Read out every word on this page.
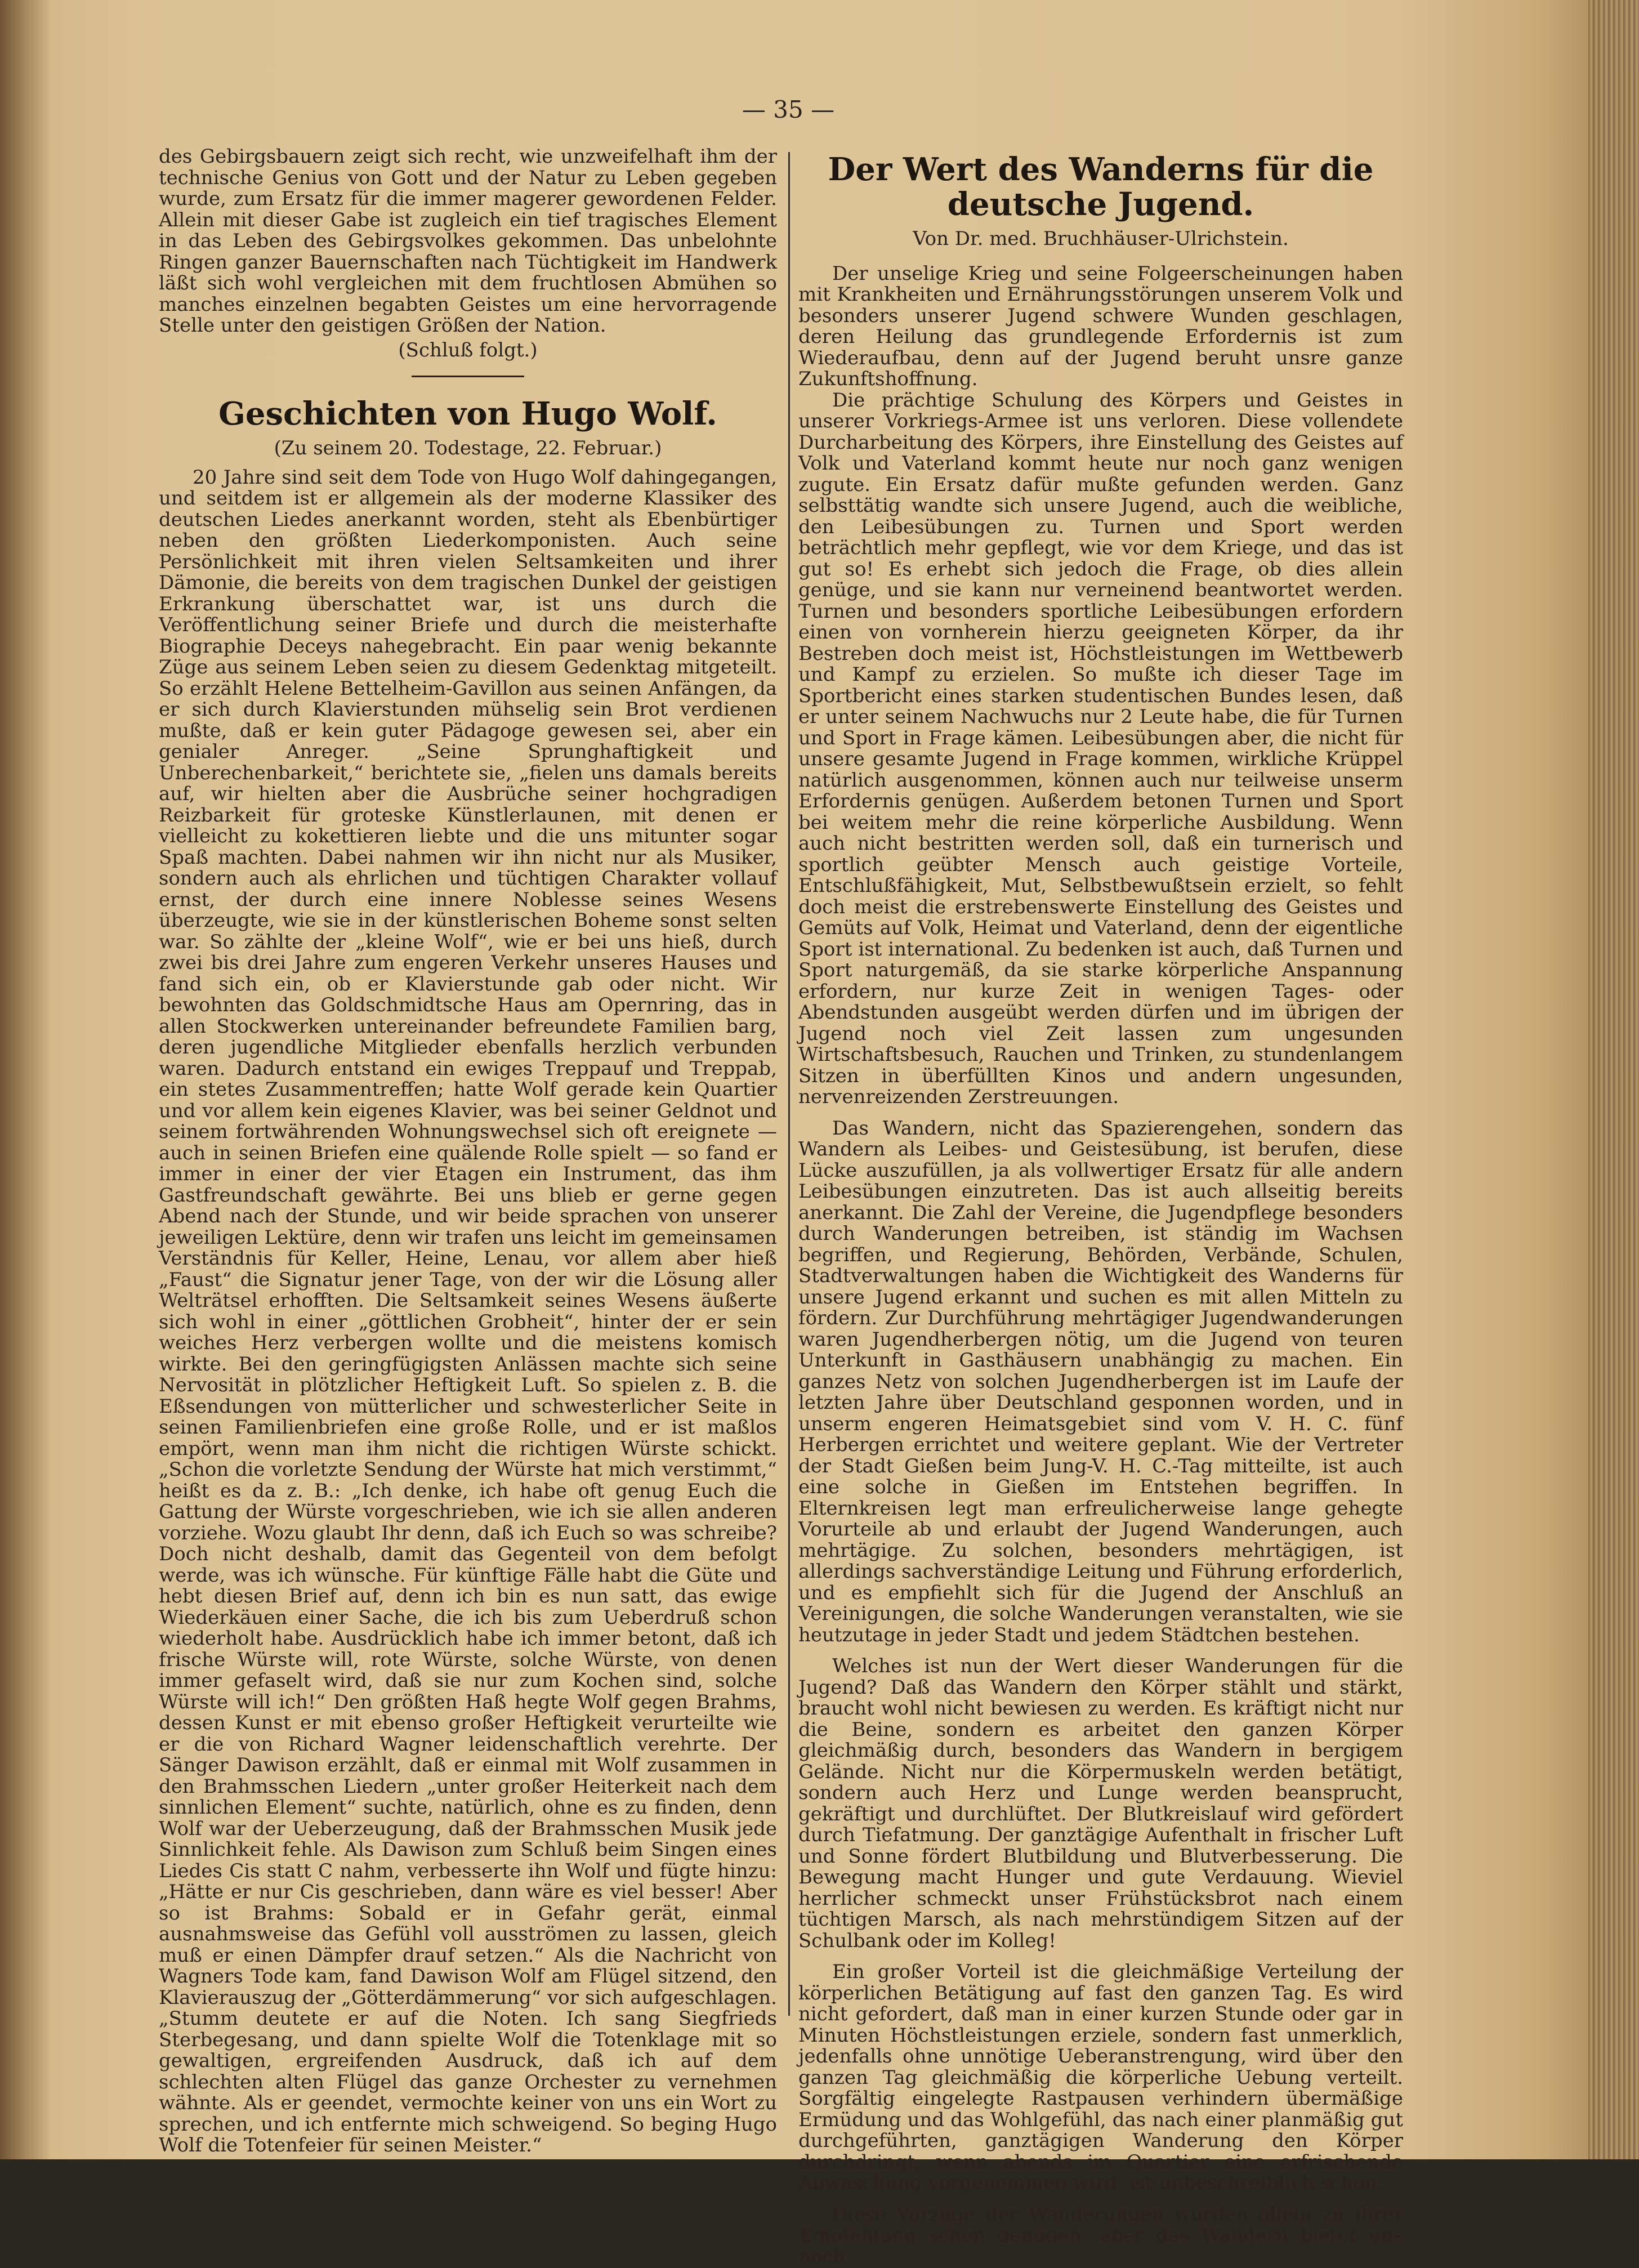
— 35 —

des Gebirgsbauern zeigt sich recht, wie unzweifelhaft ihm der technische Genius von Gott und der Natur zu Leben gegeben wurde, zum Ersatz für die immer magerer gewordenen Felder. Allein mit dieser Gabe ist zugleich ein tief tragisches Element in das Leben des Gebirgsvolkes gekommen. Das unbelohnte Ringen ganzer Bauernschaften nach Tüchtigkeit im Handwerk läßt sich wohl vergleichen mit dem fruchtlosen Abmühen so manches einzelnen begabten Geistes um eine hervorragende Stelle unter den geistigen Größen der Nation.

(Schluß folgt.)

Geschichten von Hugo Wolf.

(Zu seinem 20. Todestage, 22. Februar.)

20 Jahre sind seit dem Tode von Hugo Wolf dahingegangen, und seitdem ist er allgemein als der moderne Klassiker des deutschen Liedes anerkannt worden, steht als Ebenbürtiger neben den größten Liederkomponisten. Auch seine Persönlichkeit mit ihren vielen Seltsamkeiten und ihrer Dämonie, die bereits von dem tragischen Dunkel der geistigen Erkrankung überschattet war, ist uns durch die Veröffentlichung seiner Briefe und durch die meisterhafte Biographie Deceys nahegebracht. Ein paar wenig bekannte Züge aus seinem Leben seien zu diesem Gedenktag mitgeteilt. So erzählt Helene Bettelheim-Gavillon aus seinen Anfängen, da er sich durch Klavierstunden mühselig sein Brot verdienen mußte, daß er kein guter Pädagoge gewesen sei, aber ein genialer Anreger. „Seine Sprunghaftigkeit und Unberechenbarkeit,“ berichtete sie, „fielen uns damals bereits auf, wir hielten aber die Ausbrüche seiner hochgradigen Reizbarkeit für groteske Künstlerlaunen, mit denen er vielleicht zu kokettieren liebte und die uns mitunter sogar Spaß machten. Dabei nahmen wir ihn nicht nur als Musiker, sondern auch als ehrlichen und tüchtigen Charakter vollauf ernst, der durch eine innere Noblesse seines Wesens überzeugte, wie sie in der künstlerischen Boheme sonst selten war. So zählte der „kleine Wolf“, wie er bei uns hieß, durch zwei bis drei Jahre zum engeren Verkehr unseres Hauses und fand sich ein, ob er Klavierstunde gab oder nicht. Wir bewohnten das Goldschmidtsche Haus am Opernring, das in allen Stockwerken untereinander befreundete Familien barg, deren jugendliche Mitglieder ebenfalls herzlich verbunden waren. Dadurch entstand ein ewiges Treppauf und Treppab, ein stetes Zusammentreffen; hatte Wolf gerade kein Quartier und vor allem kein eigenes Klavier, was bei seiner Geldnot und seinem fortwährenden Wohnungswechsel sich oft ereignete — auch in seinen Briefen eine quälende Rolle spielt — so fand er immer in einer der vier Etagen ein Instrument, das ihm Gastfreundschaft gewährte. Bei uns blieb er gerne gegen Abend nach der Stunde, und wir beide sprachen von unserer jeweiligen Lektüre, denn wir trafen uns leicht im gemeinsamen Verständnis für Keller, Heine, Lenau, vor allem aber hieß „Faust“ die Signatur jener Tage, von der wir die Lösung aller Welträtsel erhofften. Die Seltsamkeit seines Wesens äußerte sich wohl in einer „göttlichen Grobheit“, hinter der er sein weiches Herz verbergen wollte und die meistens komisch wirkte. Bei den geringfügigsten Anlässen machte sich seine Nervosität in plötzlicher Heftigkeit Luft. So spielen z. B. die Eßsendungen von mütterlicher und schwesterlicher Seite in seinen Familienbriefen eine große Rolle, und er ist maßlos empört, wenn man ihm nicht die richtigen Würste schickt. „Schon die vorletzte Sendung der Würste hat mich verstimmt,“ heißt es da z. B.: „Ich denke, ich habe oft genug Euch die Gattung der Würste vorgeschrieben, wie ich sie allen anderen vorziehe. Wozu glaubt Ihr denn, daß ich Euch so was schreibe? Doch nicht deshalb, damit das Gegenteil von dem befolgt werde, was ich wünsche. Für künftige Fälle habt die Güte und hebt diesen Brief auf, denn ich bin es nun satt, das ewige Wiederkäuen einer Sache, die ich bis zum Ueberdruß schon wiederholt habe. Ausdrücklich habe ich immer betont, daß ich frische Würste will, rote Würste, solche Würste, von denen immer gefaselt wird, daß sie nur zum Kochen sind, solche Würste will ich!“ Den größten Haß hegte Wolf gegen Brahms, dessen Kunst er mit ebenso großer Heftigkeit verurteilte wie er die von Richard Wagner leidenschaftlich verehrte. Der Sänger Dawison erzählt, daß er einmal mit Wolf zusammen in den Brahmsschen Liedern „unter großer Heiterkeit nach dem sinnlichen Element“ suchte, natürlich, ohne es zu finden, denn Wolf war der Ueberzeugung, daß der Brahmsschen Musik jede Sinnlichkeit fehle. Als Dawison zum Schluß beim Singen eines Liedes Cis statt C nahm, verbesserte ihn Wolf und fügte hinzu: „Hätte er nur Cis geschrieben, dann wäre es viel besser! Aber so ist Brahms: Sobald er in Gefahr gerät, einmal ausnahmsweise das Gefühl voll ausströmen zu lassen, gleich muß er einen Dämpfer drauf setzen.“ Als die Nachricht von Wagners Tode kam, fand Dawison Wolf am Flügel sitzend, den Klavierauszug der „Götterdämmerung“ vor sich aufgeschlagen. „Stumm deutete er auf die Noten. Ich sang Siegfrieds Sterbegesang, und dann spielte Wolf die Totenklage mit so gewaltigen, ergreifenden Ausdruck, daß ich auf dem schlechten alten Flügel das ganze Orchester zu vernehmen wähnte. Als er geendet, vermochte keiner von uns ein Wort zu sprechen, und ich entfernte mich schweigend. So beging Hugo Wolf die Totenfeier für seinen Meister.“

Der Wert des Wanderns für die deutsche Jugend.

Von Dr. med. Bruchhäuser-Ulrichstein.

Der unselige Krieg und seine Folgeerscheinungen haben mit Krankheiten und Ernährungsstörungen unserem Volk und besonders unserer Jugend schwere Wunden geschlagen, deren Heilung das grundlegende Erfordernis ist zum Wiederaufbau, denn auf der Jugend beruht unsre ganze Zukunftshoffnung.

Die prächtige Schulung des Körpers und Geistes in unserer Vorkriegs-Armee ist uns verloren. Diese vollendete Durcharbeitung des Körpers, ihre Einstellung des Geistes auf Volk und Vaterland kommt heute nur noch ganz wenigen zugute. Ein Ersatz dafür mußte gefunden werden. Ganz selbsttätig wandte sich unsere Jugend, auch die weibliche, den Leibesübungen zu. Turnen und Sport werden beträchtlich mehr gepflegt, wie vor dem Kriege, und das ist gut so! Es erhebt sich jedoch die Frage, ob dies allein genüge, und sie kann nur verneinend beantwortet werden. Turnen und besonders sportliche Leibesübungen erfordern einen von vornherein hierzu geeigneten Körper, da ihr Bestreben doch meist ist, Höchstleistungen im Wettbewerb und Kampf zu erzielen. So mußte ich dieser Tage im Sportbericht eines starken studentischen Bundes lesen, daß er unter seinem Nachwuchs nur 2 Leute habe, die für Turnen und Sport in Frage kämen. Leibesübungen aber, die nicht für unsere gesamte Jugend in Frage kommen, wirkliche Krüppel natürlich ausgenommen, können auch nur teilweise unserm Erfordernis genügen. Außerdem betonen Turnen und Sport bei weitem mehr die reine körperliche Ausbildung. Wenn auch nicht bestritten werden soll, daß ein turnerisch und sportlich geübter Mensch auch geistige Vorteile, Entschlußfähigkeit, Mut, Selbstbewußtsein erzielt, so fehlt doch meist die erstrebenswerte Einstellung des Geistes und Gemüts auf Volk, Heimat und Vaterland, denn der eigentliche Sport ist international. Zu bedenken ist auch, daß Turnen und Sport naturgemäß, da sie starke körperliche Anspannung erfordern, nur kurze Zeit in wenigen Tages- oder Abendstunden ausgeübt werden dürfen und im übrigen der Jugend noch viel Zeit lassen zum ungesunden Wirtschaftsbesuch, Rauchen und Trinken, zu stundenlangem Sitzen in überfüllten Kinos und andern ungesunden, nervenreizenden Zerstreuungen.

Das Wandern, nicht das Spazierengehen, sondern das Wandern als Leibes- und Geistesübung, ist berufen, diese Lücke auszufüllen, ja als vollwertiger Ersatz für alle andern Leibesübungen einzutreten. Das ist auch allseitig bereits anerkannt. Die Zahl der Vereine, die Jugendpflege besonders durch Wanderungen betreiben, ist ständig im Wachsen begriffen, und Regierung, Behörden, Verbände, Schulen, Stadtverwaltungen haben die Wichtigkeit des Wanderns für unsere Jugend erkannt und suchen es mit allen Mitteln zu fördern. Zur Durchführung mehrtägiger Jugendwanderungen waren Jugendherbergen nötig, um die Jugend von teuren Unterkunft in Gasthäusern unabhängig zu machen. Ein ganzes Netz von solchen Jugendherbergen ist im Laufe der letzten Jahre über Deutschland gesponnen worden, und in unserm engeren Heimatsgebiet sind vom V. H. C. fünf Herbergen errichtet und weitere geplant. Wie der Vertreter der Stadt Gießen beim Jung-V. H. C.-Tag mitteilte, ist auch eine solche in Gießen im Entstehen begriffen. In Elternkreisen legt man erfreulicherweise lange gehegte Vorurteile ab und erlaubt der Jugend Wanderungen, auch mehrtägige. Zu solchen, besonders mehrtägigen, ist allerdings sachverständige Leitung und Führung erforderlich, und es empfiehlt sich für die Jugend der Anschluß an Vereinigungen, die solche Wanderungen veranstalten, wie sie heutzutage in jeder Stadt und jedem Städtchen bestehen.

Welches ist nun der Wert dieser Wanderungen für die Jugend? Daß das Wandern den Körper stählt und stärkt, braucht wohl nicht bewiesen zu werden. Es kräftigt nicht nur die Beine, sondern es arbeitet den ganzen Körper gleichmäßig durch, besonders das Wandern in bergigem Gelände. Nicht nur die Körpermuskeln werden betätigt, sondern auch Herz und Lunge werden beansprucht, gekräftigt und durchlüftet. Der Blutkreislauf wird gefördert durch Tiefatmung. Der ganztägige Aufenthalt in frischer Luft und Sonne fördert Blutbildung und Blutverbesserung. Die Bewegung macht Hunger und gute Verdauung. Wieviel herrlicher schmeckt unser Frühstücksbrot nach einem tüchtigen Marsch, als nach mehrstündigem Sitzen auf der Schulbank oder im Kolleg!

Ein großer Vorteil ist die gleichmäßige Verteilung der körperlichen Betätigung auf fast den ganzen Tag. Es wird nicht gefordert, daß man in einer kurzen Stunde oder gar in Minuten Höchstleistungen erziele, sondern fast unmerklich, jedenfalls ohne unnötige Ueberanstrengung, wird über den ganzen Tag gleichmäßig die körperliche Uebung verteilt. Sorgfältig eingelegte Rastpausen verhindern übermäßige Ermüdung und das Wohlgefühl, das nach einer planmäßig gut durchgeführten, ganztägigen Wanderung den Körper durchdringt, wenn abends im Quartier eine erfrischende Abwaschung vorgenommen wird, ist unbeschreiblich schön.

Diese Vorzüge der Wanderungen würden allein zu ihrer Empfehlung schon genügen, aber das Wandern bietet uns noch
